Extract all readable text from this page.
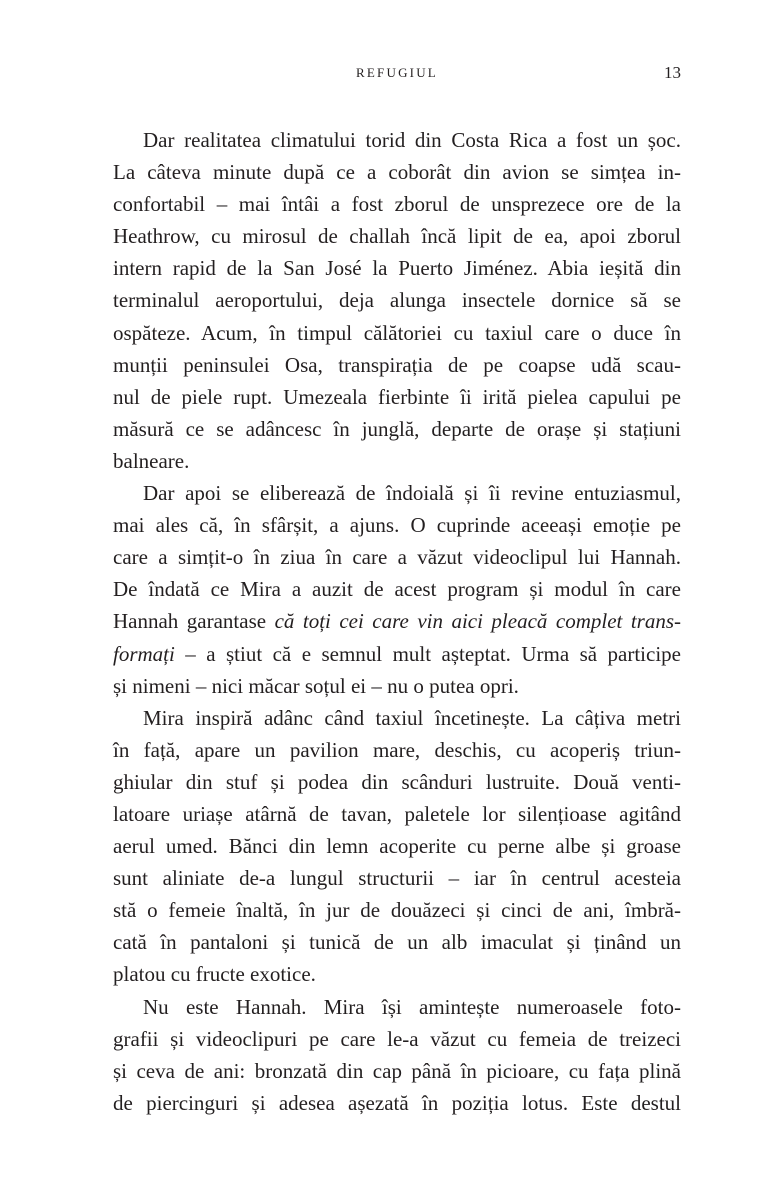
REFUGIUL	13

Dar realitatea climatului torid din Costa Rica a fost un șoc.
La câteva minute după ce a coborât din avion se simțea in-
confortabil – mai întâi a fost zborul de unsprezece ore de la
Heathrow, cu mirosul de challah încă lipit de ea, apoi zborul
intern rapid de la San José la Puerto Jiménez. Abia ieșită din
terminalul aeroportului, deja alunga insectele dornice să se
ospăteze. Acum, în timpul călătoriei cu taxiul care o duce în
munții peninsulei Osa, transpirația de pe coapse udă scau-
nul de piele rupt. Umezeala fierbinte îi irită pielea capului pe
măsură ce se adâncesc în junglă, departe de orașe și stațiuni
balneare.

Dar apoi se eliberează de îndoială și îi revine entuziasmul,
mai ales că, în sfârșit, a ajuns. O cuprinde aceeași emoție pe
care a simțit-o în ziua în care a văzut videoclipul lui Hannah.
De îndată ce Mira a auzit de acest program și modul în care
Hannah garantase că toți cei care vin aici pleacă complet trans-
formați – a știut că e semnul mult așteptat. Urma să participe
și nimeni – nici măcar soțul ei – nu o putea opri.

Mira inspiră adânc când taxiul încetinește. La câțiva metri
în față, apare un pavilion mare, deschis, cu acoperiș triun-
ghiular din stuf și podea din scânduri lustruite. Două venti-
latoare uriașe atârnă de tavan, paletele lor silențioase agitând
aerul umed. Bănci din lemn acoperite cu perne albe și groase
sunt aliniate de-a lungul structurii – iar în centrul acesteia
stă o femeie înaltă, în jur de douăzeci și cinci de ani, îmbră-
cată în pantaloni și tunică de un alb imaculat și ținând un
platou cu fructe exotice.

Nu este Hannah. Mira își amintește numeroasele foto-
grafii și videoclipuri pe care le-a văzut cu femeia de treizeci
și ceva de ani: bronzată din cap până în picioare, cu fața plină
de piercinguri și adesea așezată în poziția lotus. Este destul
